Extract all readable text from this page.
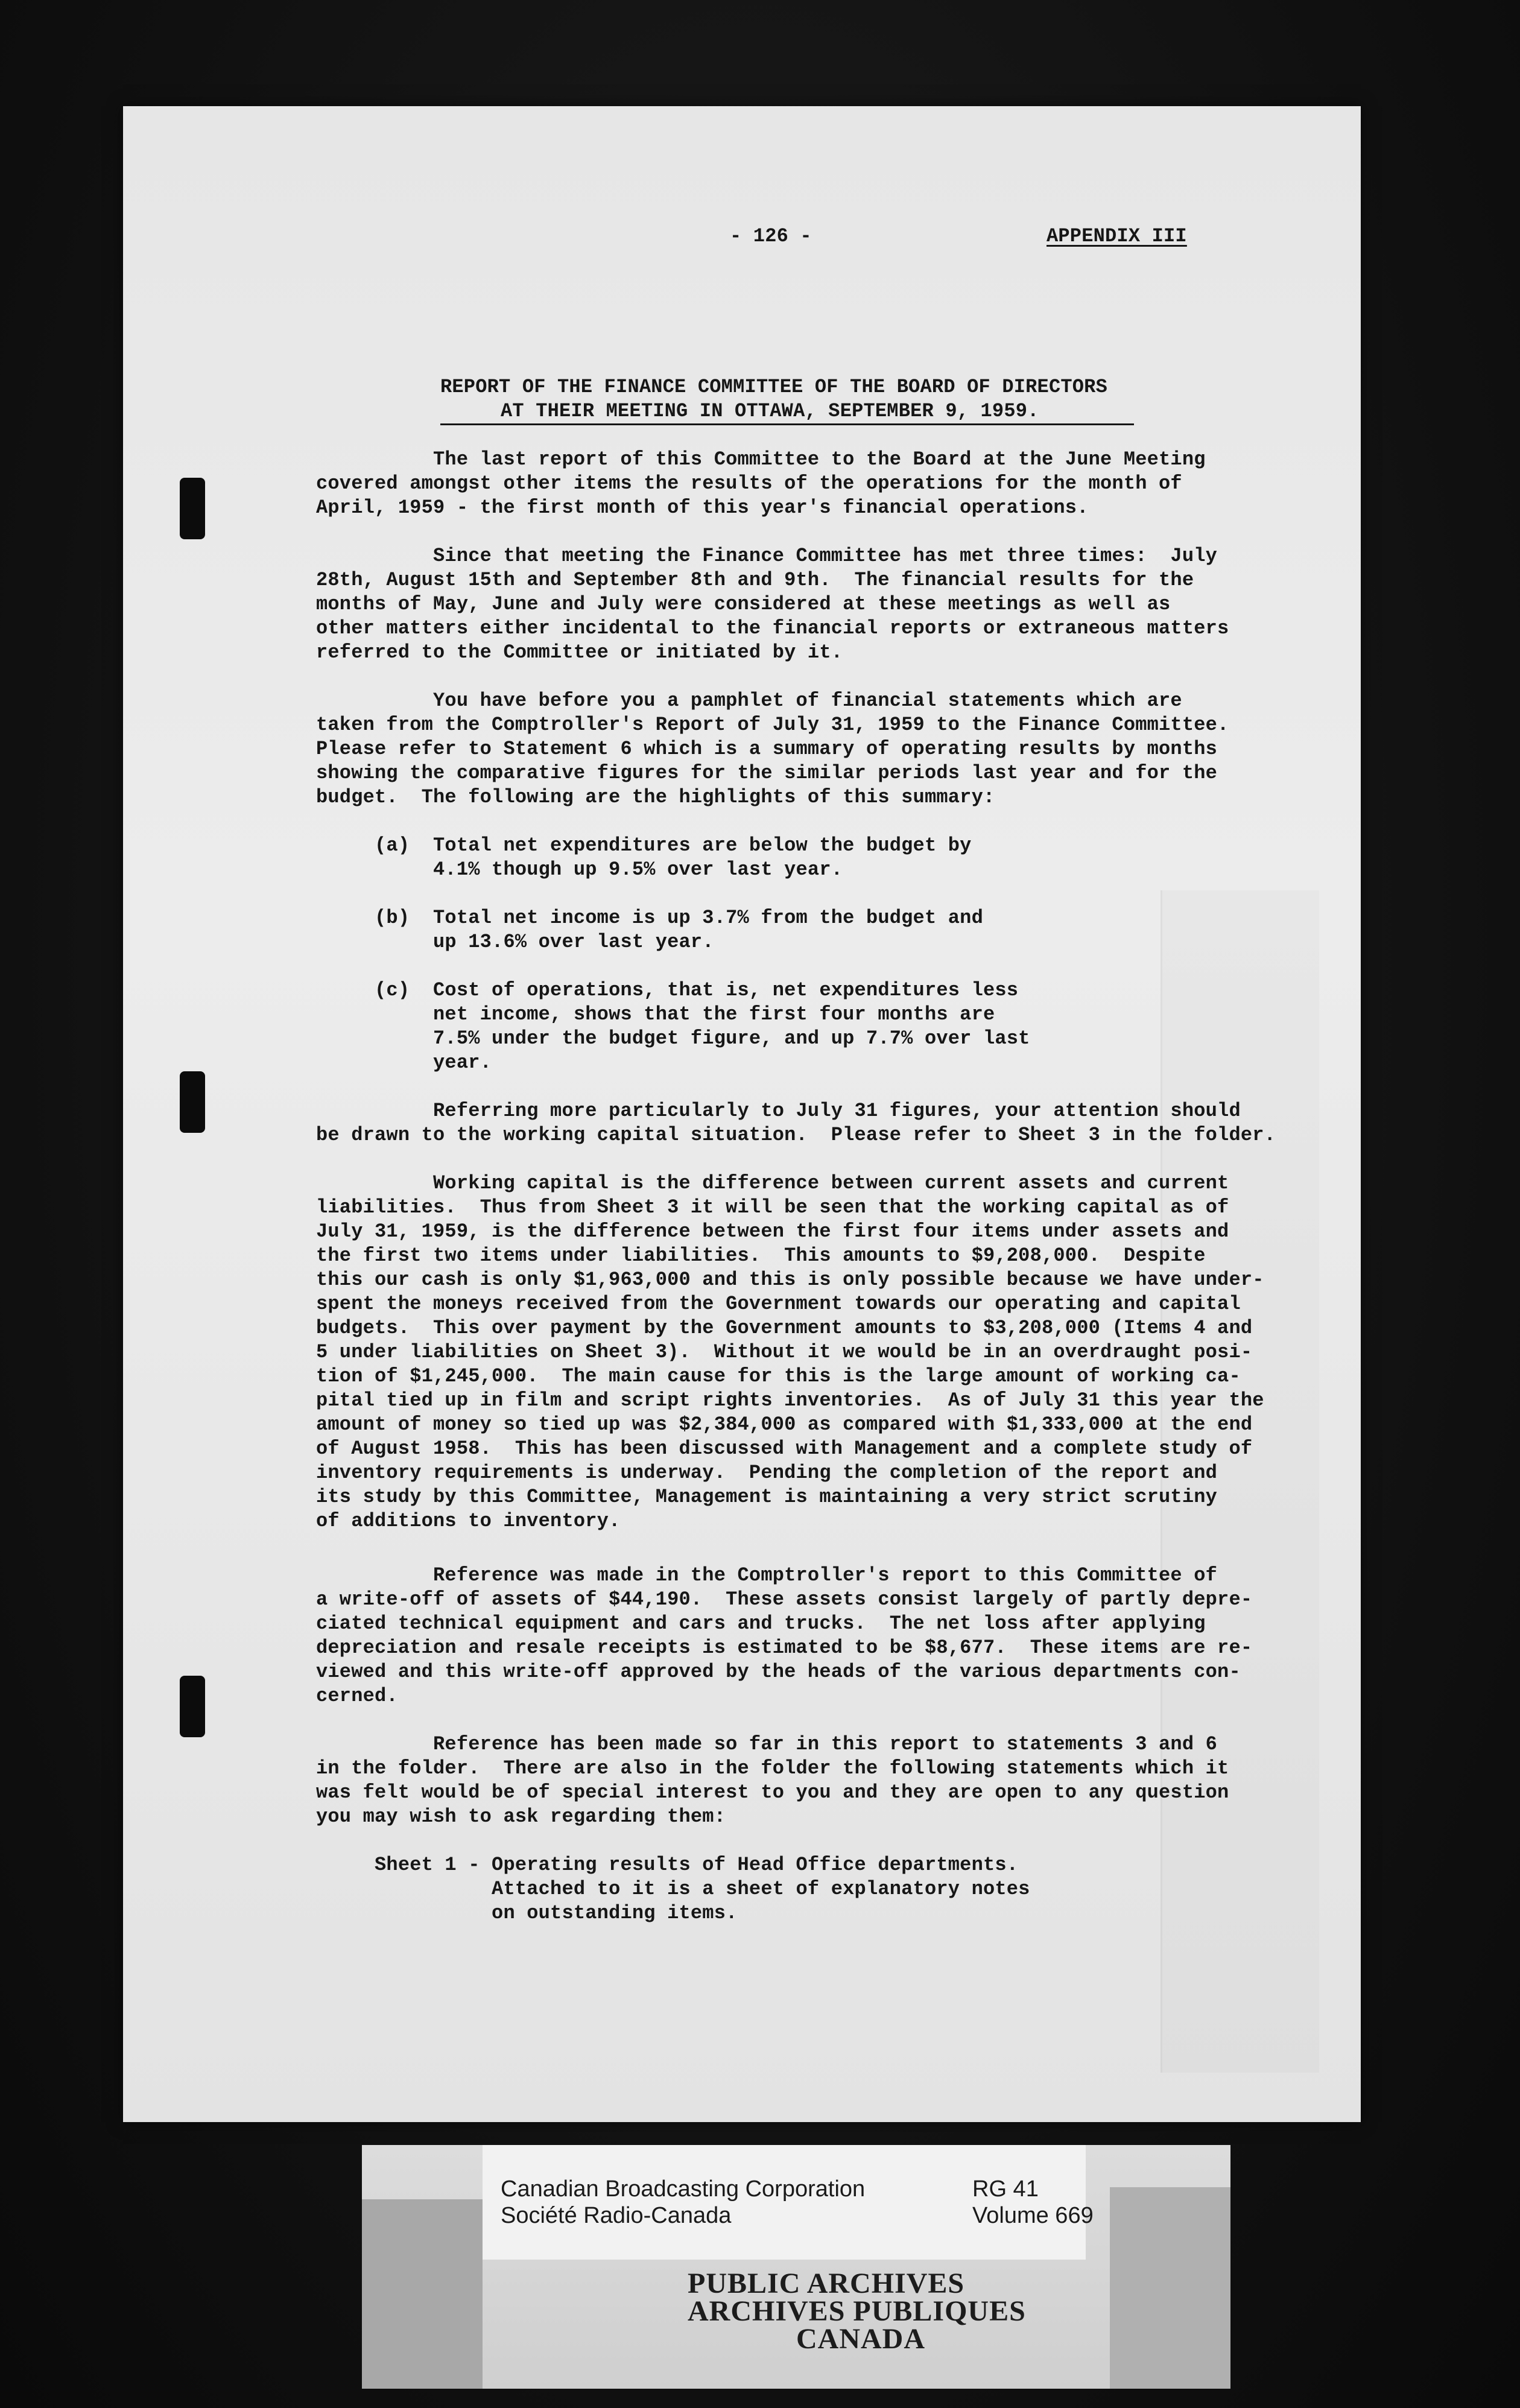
- 126 -	APPENDIX III
REPORT OF THE FINANCE COMMITTEE OF THE BOARD OF DIRECTORS
AT THEIR MEETING IN OTTAWA, SEPTEMBER 9, 1959.
The last report of this Committee to the Board at the June Meeting
covered amongst other items the results of the operations for the month of
April, 1959 - the first month of this year's financial operations.
Since that meeting the Finance Committee has met three times:  July
28th, August 15th and September 8th and 9th.  The financial results for the
months of May, June and July were considered at these meetings as well as
other matters either incidental to the financial reports or extraneous matters
referred to the Committee or initiated by it.
You have before you a pamphlet of financial statements which are
taken from the Comptroller's Report of July 31, 1959 to the Finance Committee.
Please refer to Statement 6 which is a summary of operating results by months
showing the comparative figures for the similar periods last year and for the
budget.  The following are the highlights of this summary:
(a)  Total net expenditures are below the budget by
4.1% though up 9.5% over last year.
(b)  Total net income is up 3.7% from the budget and
up 13.6% over last year.
(c)  Cost of operations, that is, net expenditures less
net income, shows that the first four months are
7.5% under the budget figure, and up 7.7% over last
year.
Referring more particularly to July 31 figures, your attention should
be drawn to the working capital situation.  Please refer to Sheet 3 in the folder.
Working capital is the difference between current assets and current
liabilities.  Thus from Sheet 3 it will be seen that the working capital as of
July 31, 1959, is the difference between the first four items under assets and
the first two items under liabilities.  This amounts to $9,208,000.  Despite
this our cash is only $1,963,000 and this is only possible because we have under-
spent the moneys received from the Government towards our operating and capital
budgets.  This over payment by the Government amounts to $3,208,000 (Items 4 and
5 under liabilities on Sheet 3).  Without it we would be in an overdraught posi-
tion of $1,245,000.  The main cause for this is the large amount of working ca-
pital tied up in film and script rights inventories.  As of July 31 this year the
amount of money so tied up was $2,384,000 as compared with $1,333,000 at the end
of August 1958.  This has been discussed with Management and a complete study of
inventory requirements is underway.  Pending the completion of the report and
its study by this Committee, Management is maintaining a very strict scrutiny
of additions to inventory.
Reference was made in the Comptroller's report to this Committee of
a write-off of assets of $44,190.  These assets consist largely of partly depre-
ciated technical equipment and cars and trucks.  The net loss after applying
depreciation and resale receipts is estimated to be $8,677.  These items are re-
viewed and this write-off approved by the heads of the various departments con-
cerned.
Reference has been made so far in this report to statements 3 and 6
in the folder.  There are also in the folder the following statements which it
was felt would be of special interest to you and they are open to any question
you may wish to ask regarding them:
Sheet 1 - Operating results of Head Office departments.
Attached to it is a sheet of explanatory notes
on outstanding items.
Canadian Broadcasting Corporation
Société Radio-Canada
RG 41
Volume 669
PUBLIC ARCHIVES
ARCHIVES PUBLIQUES
CANADA
